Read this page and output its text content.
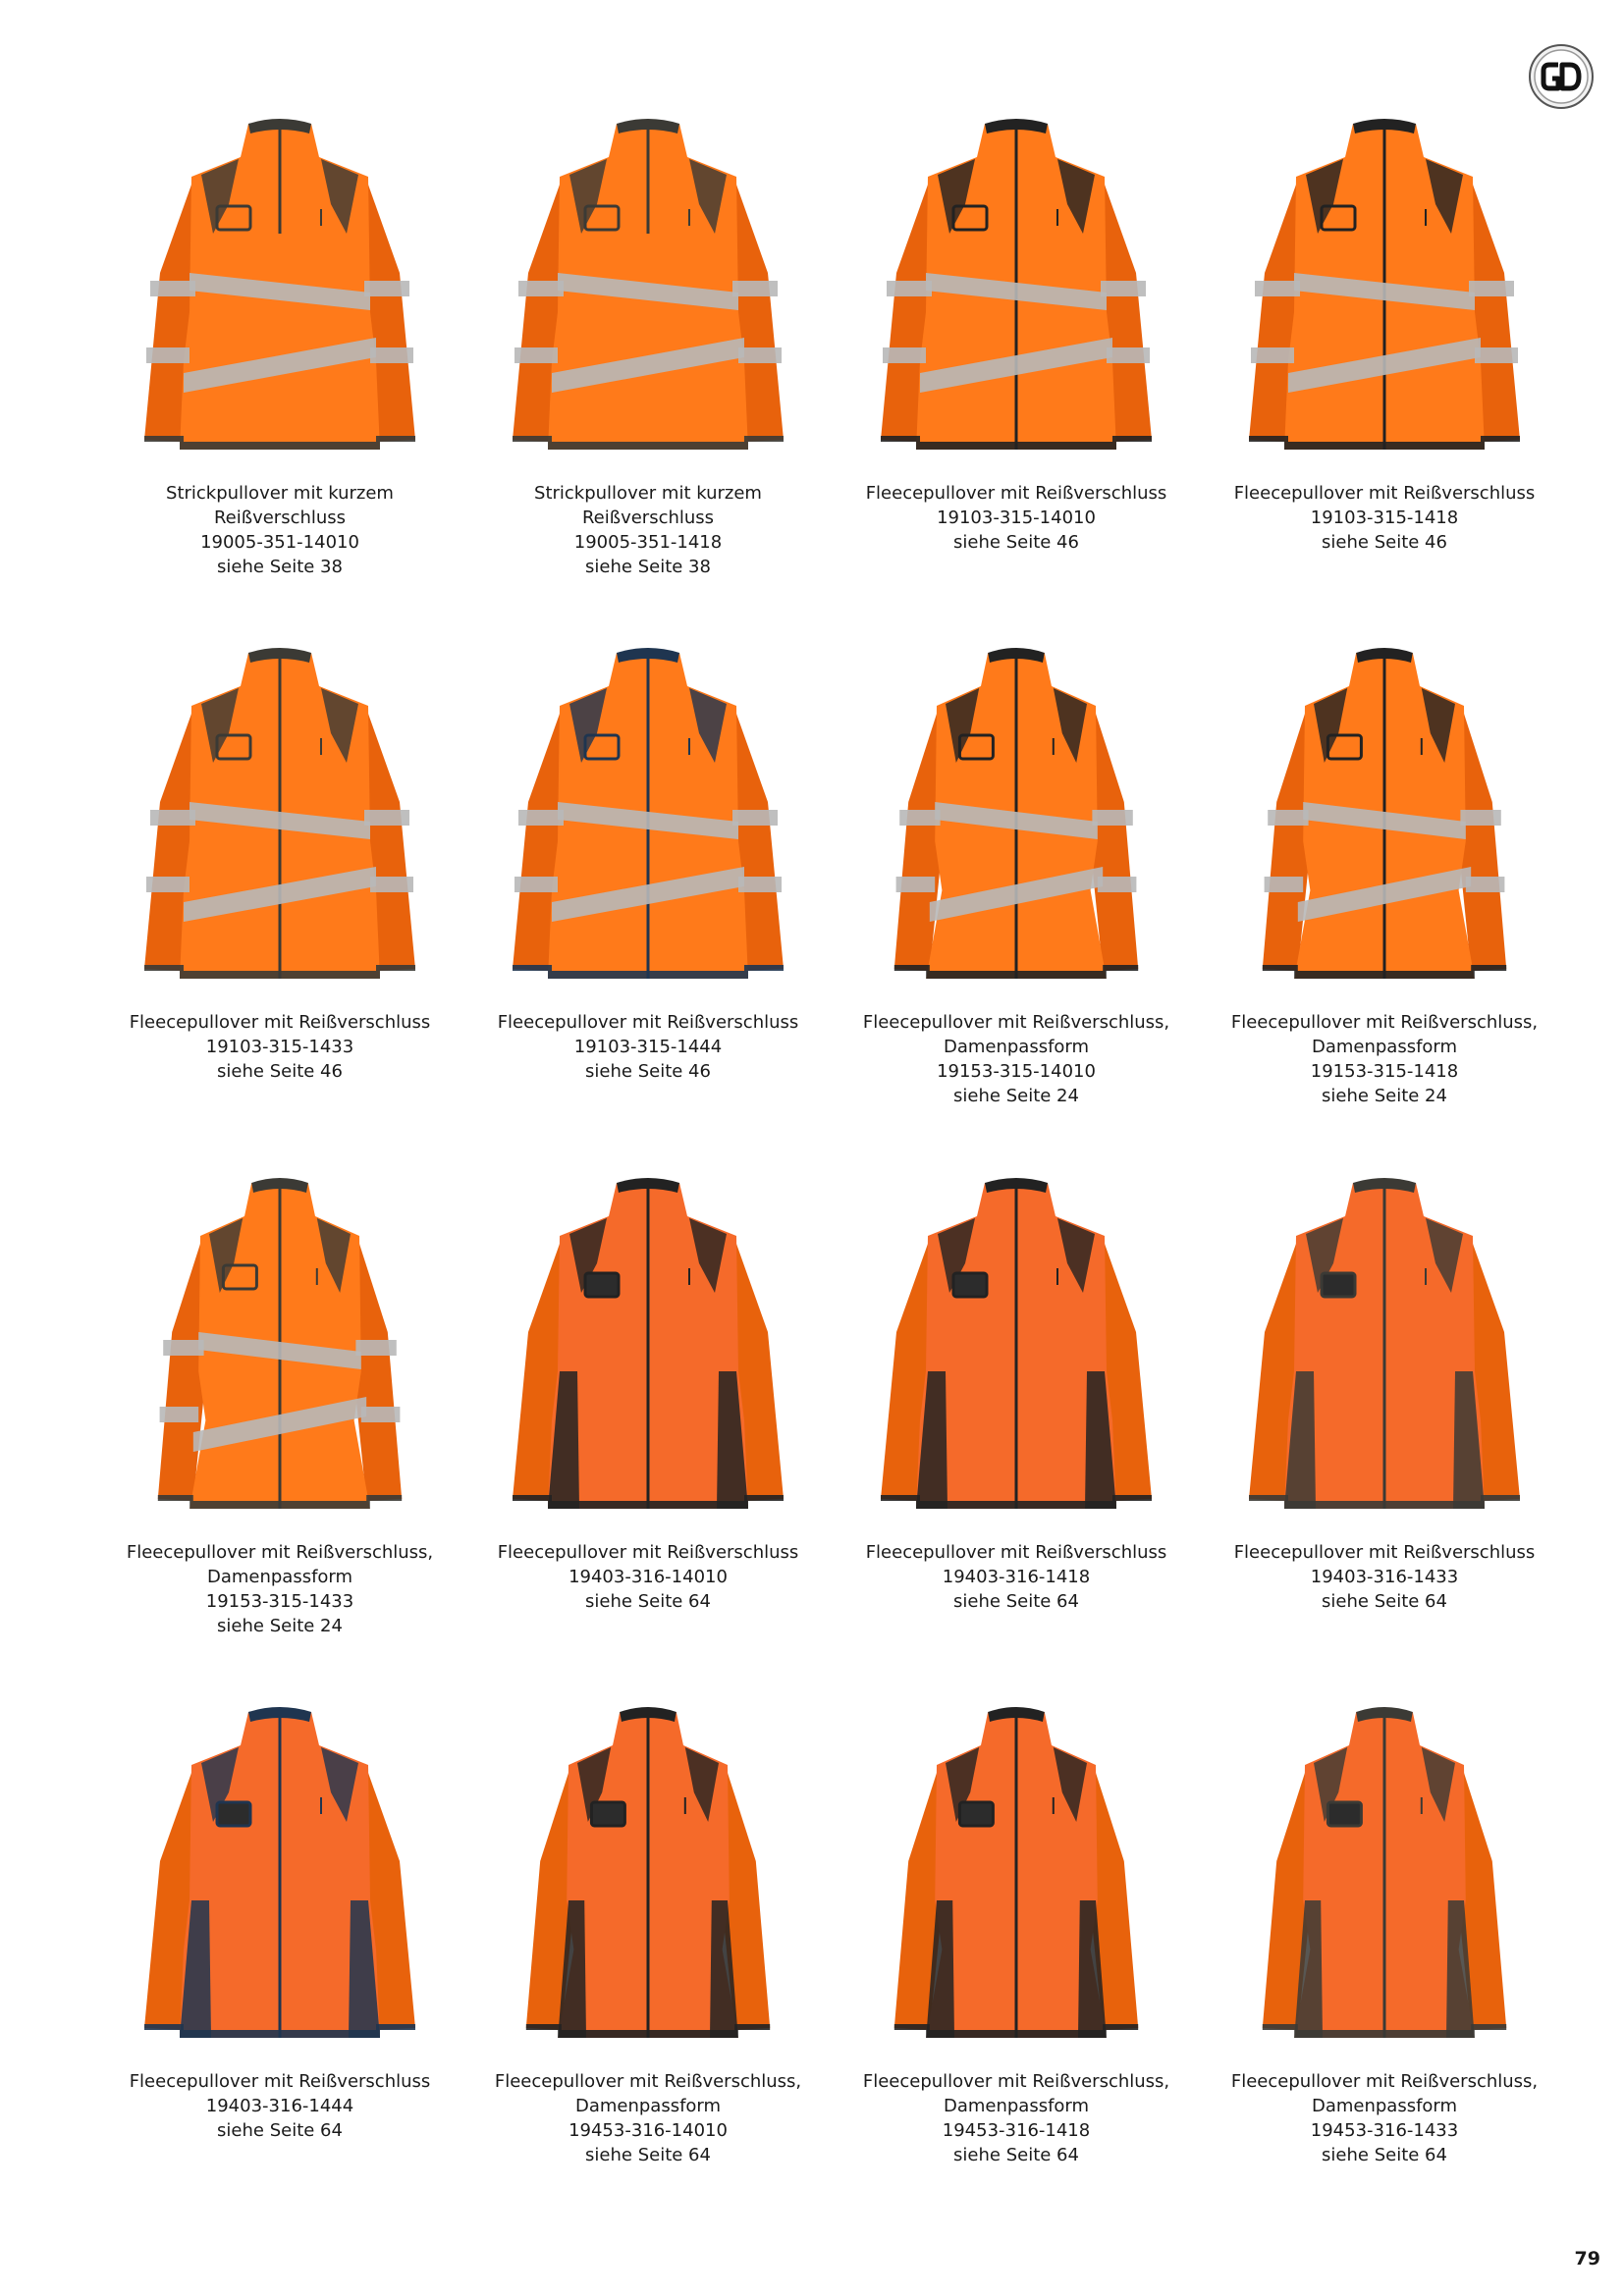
Strickpullover mit kurzem
Reißverschluss
19005-351-14010
siehe Seite 38
Strickpullover mit kurzem
Reißverschluss
19005-351-1418
siehe Seite 38
Fleecepullover mit Reißverschluss
19103-315-14010
siehe Seite 46
Fleecepullover mit Reißverschluss
19103-315-1418
siehe Seite 46
Fleecepullover mit Reißverschluss
19103-315-1433
siehe Seite 46
Fleecepullover mit Reißverschluss
19103-315-1444
siehe Seite 46
Fleecepullover mit Reißverschluss,
Damenpassform
19153-315-14010
siehe Seite 24
Fleecepullover mit Reißverschluss,
Damenpassform
19153-315-1418
siehe Seite 24
Fleecepullover mit Reißverschluss,
Damenpassform
19153-315-1433
siehe Seite 24
Fleecepullover mit Reißverschluss
19403-316-14010
siehe Seite 64
Fleecepullover mit Reißverschluss
19403-316-1418
siehe Seite 64
Fleecepullover mit Reißverschluss
19403-316-1433
siehe Seite 64
Fleecepullover mit Reißverschluss
19403-316-1444
siehe Seite 64
Fleecepullover mit Reißverschluss,
Damenpassform
19453-316-14010
siehe Seite 64
Fleecepullover mit Reißverschluss,
Damenpassform
19453-316-1418
siehe Seite 64
Fleecepullover mit Reißverschluss,
Damenpassform
19453-316-1433
siehe Seite 64
79
